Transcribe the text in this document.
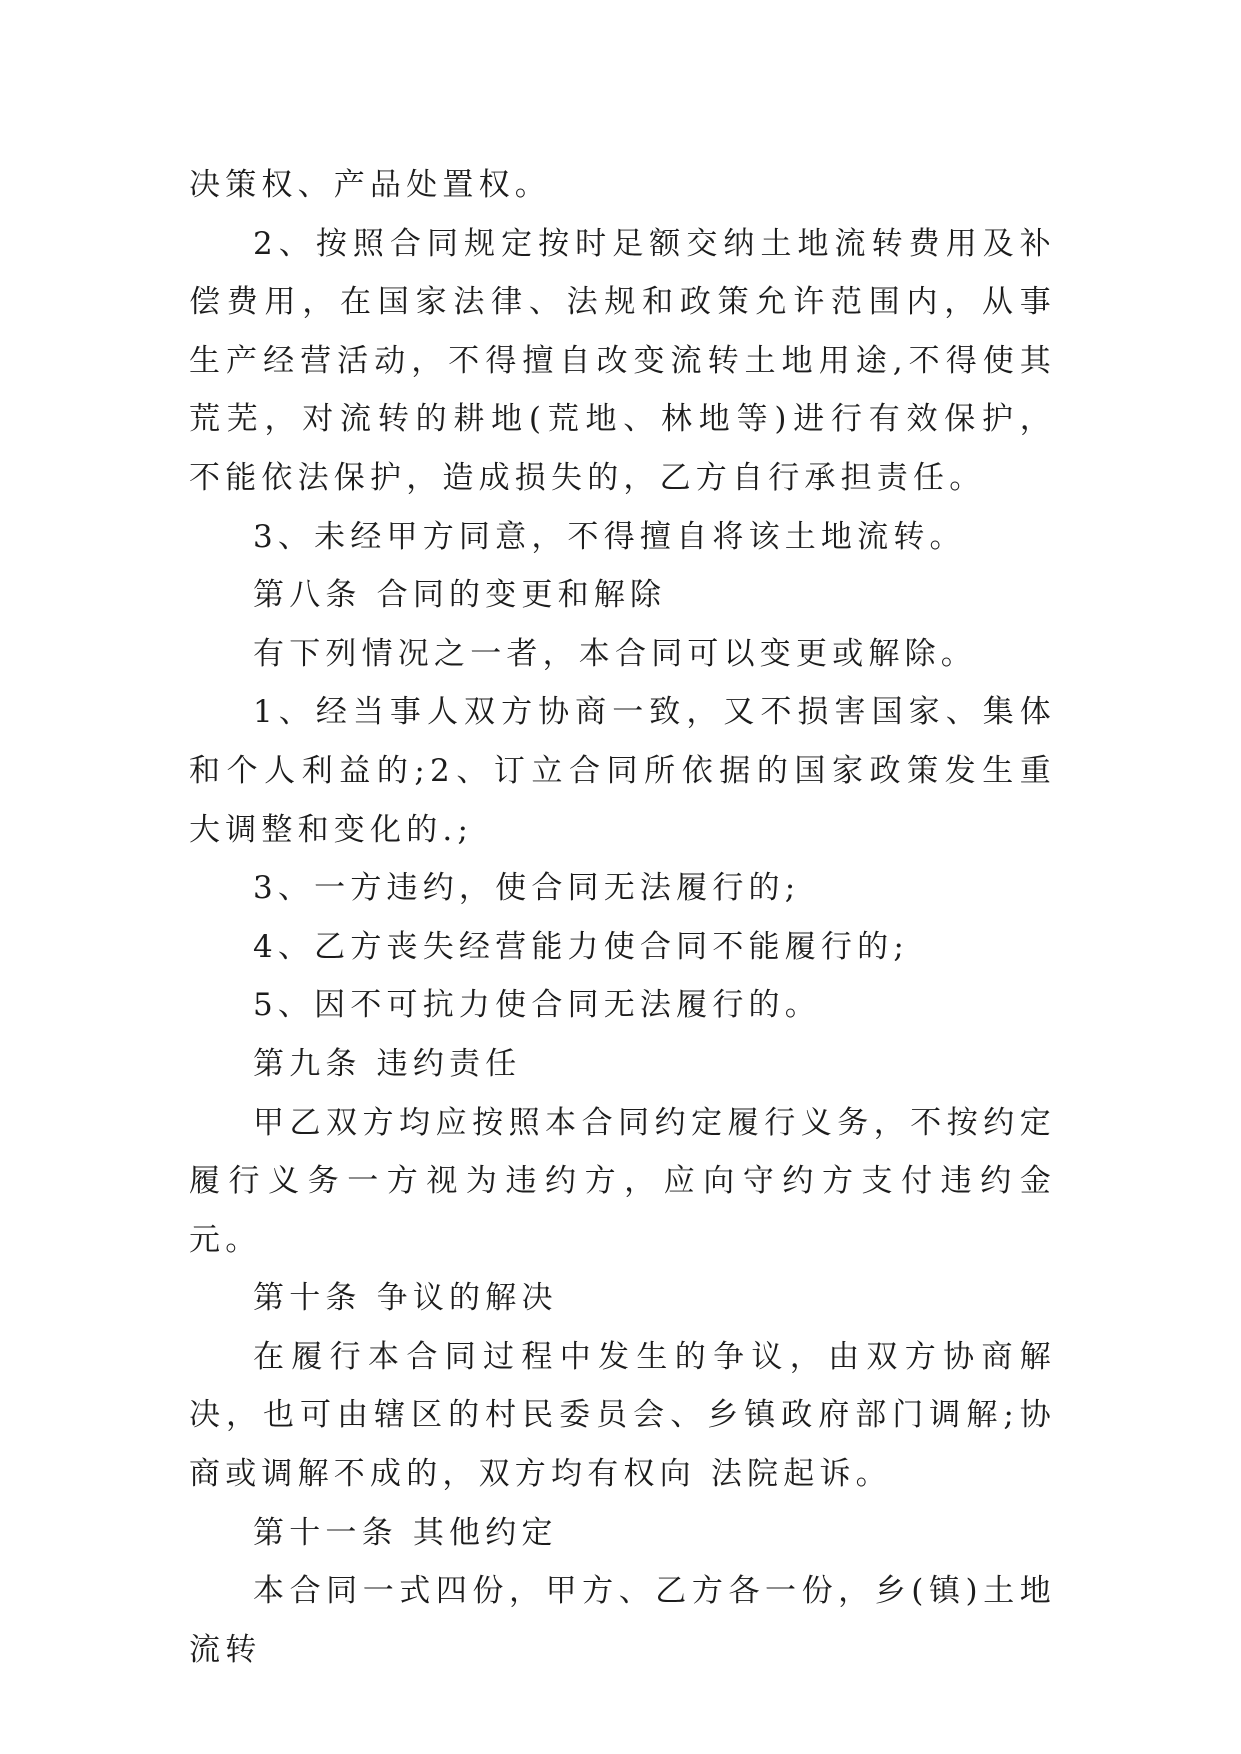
决策权、产品处置权。

2、按照合同规定按时足额交纳土地流转费用及补偿费用，在国家法律、法规和政策允许范围内，从事生产经营活动，不得擅自改变流转土地用途,不得使其荒芜，对流转的耕地(荒地、林地等)进行有效保护，不能依法保护，造成损失的，乙方自行承担责任。

3、未经甲方同意，不得擅自将该土地流转。

第八条 合同的变更和解除

有下列情况之一者，本合同可以变更或解除。

1、经当事人双方协商一致，又不损害国家、集体和个人利益的;2、订立合同所依据的国家政策发生重大调整和变化的.;

3、一方违约，使合同无法履行的;

4、乙方丧失经营能力使合同不能履行的;

5、因不可抗力使合同无法履行的。

第九条 违约责任

甲乙双方均应按照本合同约定履行义务，不按约定履行义务一方视为违约方，应向守约方支付违约金 元。

第十条 争议的解决

在履行本合同过程中发生的争议，由双方协商解决，也可由辖区的村民委员会、乡镇政府部门调解;协商或调解不成的，双方均有权向 法院起诉。

第十一条 其他约定

本合同一式四份，甲方、乙方各一份，乡(镇)土地流转
